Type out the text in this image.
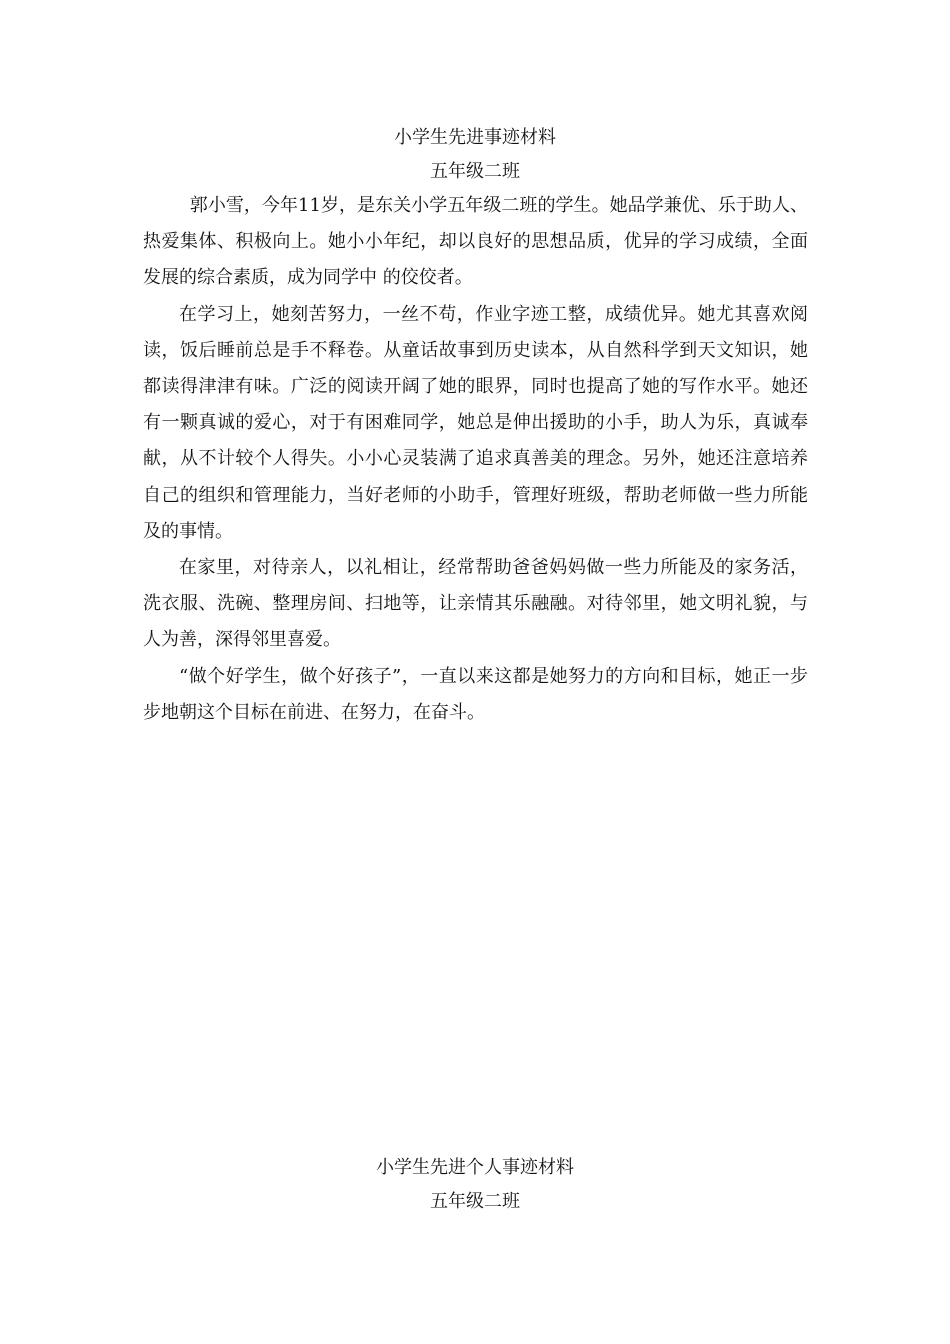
小学生先进事迹材料
五年级二班

郭小雪，今年11岁，是东关小学五年级二班的学生。她品学兼优、乐于助人、热爱集体、积极向上。她小小年纪，却以良好的思想品质，优异的学习成绩，全面发展的综合素质，成为同学中 的佼佼者。

在学习上，她刻苦努力，一丝不苟，作业字迹工整，成绩优异。她尤其喜欢阅读，饭后睡前总是手不释卷。从童话故事到历史读本，从自然科学到天文知识，她都读得津津有味。广泛的阅读开阔了她的眼界，同时也提高了她的写作水平。她还有一颗真诚的爱心，对于有困难同学，她总是伸出援助的小手，助人为乐，真诚奉献，从不计较个人得失。小小心灵装满了追求真善美的理念。另外，她还注意培养自己的组织和管理能力，当好老师的小助手，管理好班级，帮助老师做一些力所能及的事情。

在家里，对待亲人，以礼相让，经常帮助爸爸妈妈做一些力所能及的家务活，洗衣服、洗碗、整理房间、扫地等，让亲情其乐融融。对待邻里，她文明礼貌，与人为善，深得邻里喜爱。

“做个好学生，做个好孩子”，一直以来这都是她努力的方向和目标，她正一步步地朝这个目标在前进、在努力，在奋斗。

小学生先进个人事迹材料
五年级二班
